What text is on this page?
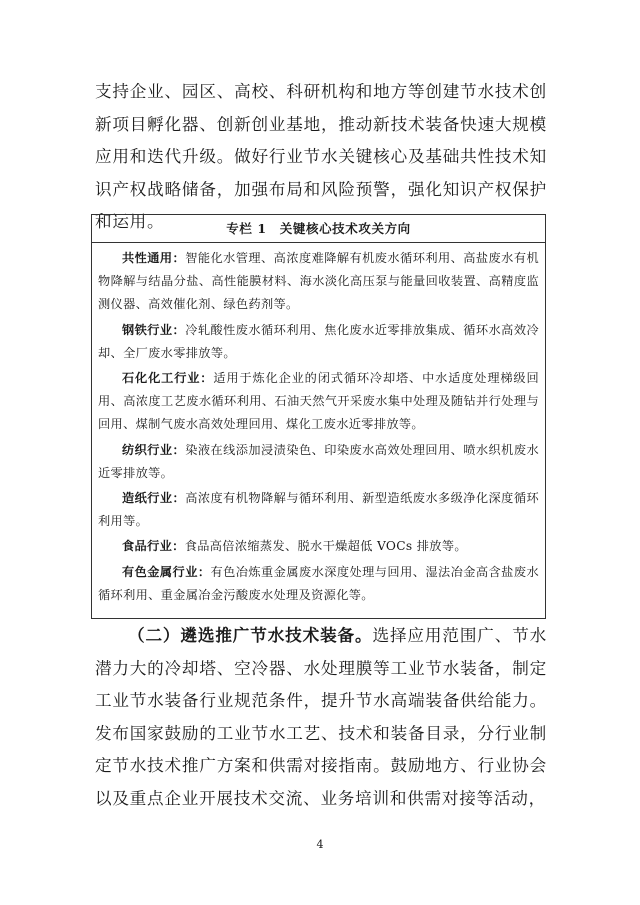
支持企业、园区、高校、科研机构和地方等创建节水技术创新项目孵化器、创新创业基地，推动新技术装备快速大规模应用和迭代升级。做好行业节水关键核心及基础共性技术知识产权战略储备，加强布局和风险预警，强化知识产权保护和运用。	专栏 1　关键核心技术攻关方向

共性通用：智能化水管理、高浓度难降解有机废水循环利用、高盐废水有机物降解与结晶分盐、高性能膜材料、海水淡化高压泵与能量回收装置、高精度监测仪器、高效催化剂、绿色药剂等。

钢铁行业：冷轧酸性废水循环利用、焦化废水近零排放集成、循环水高效冷却、全厂废水零排放等。

石化化工行业：适用于炼化企业的闭式循环冷却塔、中水适度处理梯级回用、高浓度工艺废水循环利用、石油天然气开采废水集中处理及随钻并行处理与回用、煤制气废水高效处理回用、煤化工废水近零排放等。

纺织行业：染液在线添加浸渍染色、印染废水高效处理回用、喷水织机废水近零排放等。

造纸行业：高浓度有机物降解与循环利用、新型造纸废水多级净化深度循环利用等。

食品行业：食品高倍浓缩蒸发、脱水干燥超低 VOCs 排放等。

有色金属行业：有色冶炼重金属废水深度处理与回用、湿法冶金高含盐废水循环利用、重金属冶金污酸废水处理及资源化等。

（二）遴选推广节水技术装备。选择应用范围广、节水潜力大的冷却塔、空冷器、水处理膜等工业节水装备，制定工业节水装备行业规范条件，提升节水高端装备供给能力。发布国家鼓励的工业节水工艺、技术和装备目录，分行业制定节水技术推广方案和供需对接指南。鼓励地方、行业协会以及重点企业开展技术交流、业务培训和供需对接等活动，

4
